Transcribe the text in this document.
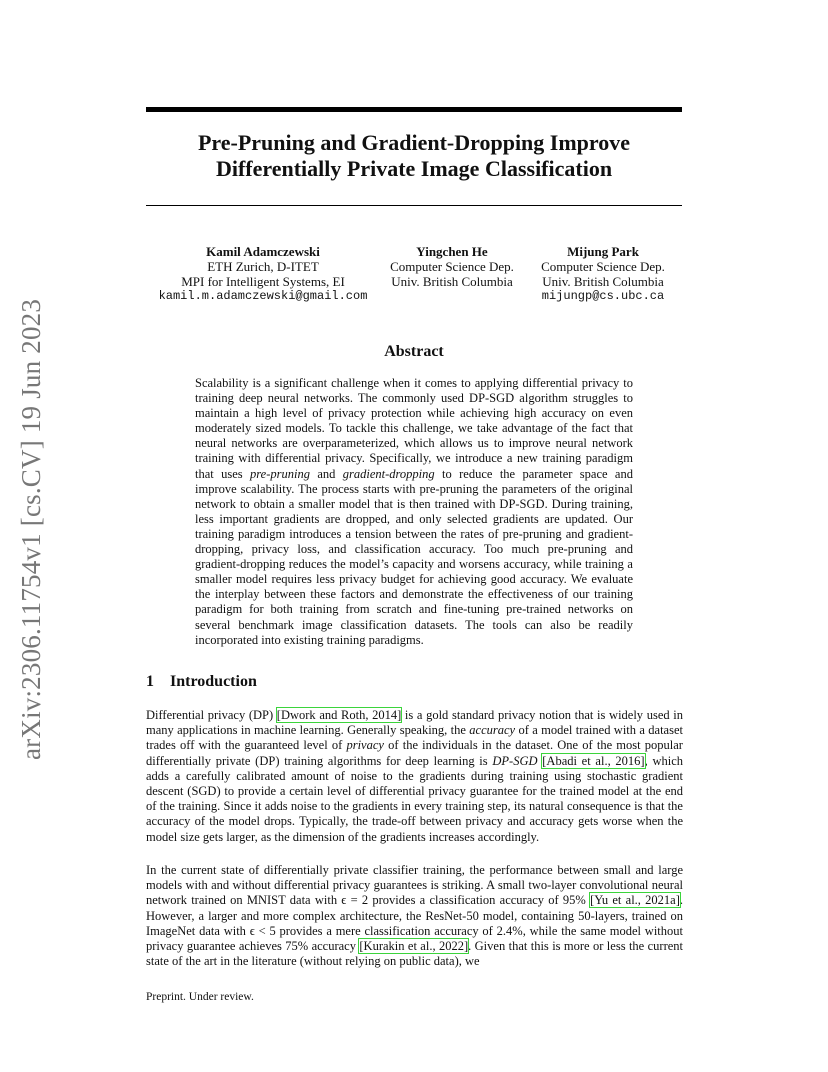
arXiv:2306.11754v1 [cs.CV] 19 Jun 2023
Pre-Pruning and Gradient-Dropping Improve
Differentially Private Image Classification
Kamil Adamczewski
ETH Zurich, D-ITET
MPI for Intelligent Systems, EI
kamil.m.adamczewski@gmail.com
Yingchen He
Computer Science Dep.
Univ. British Columbia
Mijung Park
Computer Science Dep.
Univ. British Columbia
mijungp@cs.ubc.ca
Abstract

Scalability is a significant challenge when it comes to applying differential privacy to training deep neural networks. The commonly used DP-SGD algorithm struggles to maintain a high level of privacy protection while achieving high accuracy on even moderately sized models. To tackle this challenge, we take advantage of the fact that neural networks are overparameterized, which allows us to improve neural network training with differential privacy. Specifically, we introduce a new training paradigm that uses pre-pruning and gradient-dropping to reduce the parameter space and improve scalability. The process starts with pre-pruning the parameters of the original network to obtain a smaller model that is then trained with DP-SGD. During training, less important gradients are dropped, and only selected gradients are updated. Our training paradigm introduces a tension between the rates of pre-pruning and gradient-dropping, privacy loss, and classification accuracy. Too much pre-pruning and gradient-dropping reduces the model’s capacity and worsens accuracy, while training a smaller model requires less privacy budget for achieving good accuracy. We evaluate the interplay between these factors and demonstrate the effectiveness of our training paradigm for both training from scratch and fine-tuning pre-trained networks on several benchmark image classification datasets. The tools can also be readily incorporated into existing training paradigms.

1 Introduction

Differential privacy (DP) [Dwork and Roth, 2014] is a gold standard privacy notion that is widely used in many applications in machine learning. Generally speaking, the accuracy of a model trained with a dataset trades off with the guaranteed level of privacy of the individuals in the dataset. One of the most popular differentially private (DP) training algorithms for deep learning is DP-SGD [Abadi et al., 2016], which adds a carefully calibrated amount of noise to the gradients during training using stochastic gradient descent (SGD) to provide a certain level of differential privacy guarantee for the trained model at the end of the training. Since it adds noise to the gradients in every training step, its natural consequence is that the accuracy of the model drops. Typically, the trade-off between privacy and accuracy gets worse when the model size gets larger, as the dimension of the gradients increases accordingly.

In the current state of differentially private classifier training, the performance between small and large models with and without differential privacy guarantees is striking. A small two-layer convolutional neural network trained on MNIST data with ϵ = 2 provides a classification accuracy of 95% [Yu et al., 2021a]. However, a larger and more complex architecture, the ResNet-50 model, containing 50-layers, trained on ImageNet data with ϵ < 5 provides a mere classification accuracy of 2.4%, while the same model without privacy guarantee achieves 75% accuracy [Kurakin et al., 2022]. Given that this is more or less the current state of the art in the literature (without relying on public data), we

Preprint. Under review.
